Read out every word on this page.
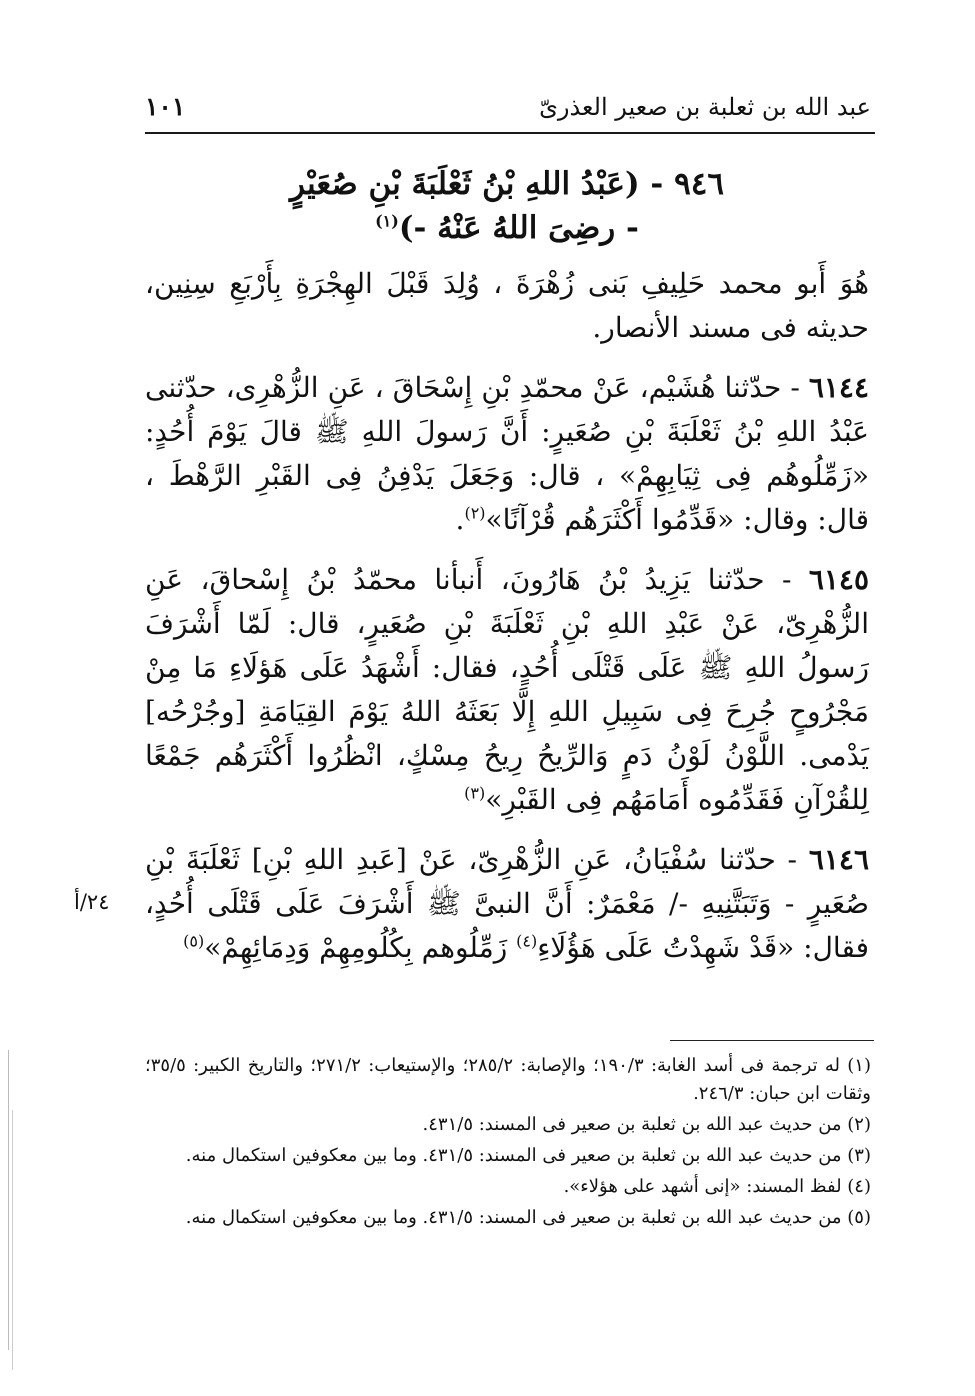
عبد الله بن ثعلبة بن صعير العذرىّ
١٠١

٩٤٦ - (عَبْدُ اللهِ بْنُ ثَعْلَبَةَ بْنِ صُعَيْرٍ

- رضِىَ اللهُ عَنْهُ -)$^{(١)}$

هُوَ أَبو محمد حَلِيفِ بَنى زُهْرَةَ ، وُلِدَ قَبْلَ الهِجْرَةِ بِأَرْبَعِ سِنِين، حديثه فى مسند الأنصار.

٦١٤٤ - حدّثنا هُشَيْم، عَنْ محمّدِ بْنِ إِسْحَاقَ ، عَنِ الزُّهْرِى، حدّثنى عَبْدُ اللهِ بْنُ ثَعْلَبَةَ بْنِ صُعَيرٍ: أَنَّ رَسولَ اللهِ ﷺ قالَ يَوْمَ أُحُدٍ: «زَمِّلُوهُم فِى ثِيَابِهِمْ» ، قال: وَجَعَلَ يَدْفِنُ فِى القَبْرِ الرَّهْطَ ، قال: وقال: «قَدِّمُوا أَكْثَرَهُم قُرْآنًا»$^{(٢)}$.

٦١٤٥ - حدّثنا يَزِيدُ بْنُ هَارُونَ، أَنبأنا محمّدُ بْنُ إِسْحاقَ، عَنِ الزُّهْرِىّ، عَنْ عَبْدِ اللهِ بْنِ ثَعْلَبَةَ بْنِ صُعَيرٍ، قال: لَمّا أَشْرَفَ رَسولُ اللهِ ﷺ عَلَى قَتْلَى أُحُدٍ، فقال: أَشْهَدُ عَلَى هَؤلَاءِ مَا مِنْ مَجْرُوحٍ جُرِحَ فِى سَبِيلِ اللهِ إِلَّا بَعَثَهُ اللهُ يَوْمَ القِيَامَةِ [وجُرْحُه] يَدْمى. اللَّوْنُ لَوْنُ دَمٍ وَالرِّيحُ رِيحُ مِسْكٍ، انْظُرُوا أَكْثَرَهُم جَمْعًا لِلقُرْآنِ فَقَدِّمُوه أَمَامَهُم فِى القَبْرِ»$^{(٣)}$

٦١٤٦ - حدّثنا سُفْيَانُ، عَنِ الزُّهْرِىّ، عَنْ [عَبدِ اللهِ بْنِ] ثَعْلَبَةَ بْنِ صُعَيرٍ - وَتَبَتَّنِيهِ -/ مَعْمَرٌ: أَنَّ النبىَّ ﷺ أَشْرَفَ عَلَى قَتْلَى أُحُدٍ، فقال: «قَدْ شَهِدْتُ عَلَى هَؤُلَاءِ$^{(٤)}$ زَمِّلُوهم بِكُلُومِهِمْ وَدِمَائِهِمْ»$^{(٥)}$

٢٤/أ
(١) له ترجمة فى أسد الغابة: ١٩٠/٣؛ والإصابة: ٢٨٥/٢؛ والإستيعاب: ٢٧١/٢؛ والتاريخ الكبير: ٣٥/٥؛ وثقات ابن حبان: ٢٤٦/٣.
(٢) من حديث عبد الله بن ثعلبة بن صعير فى المسند: ٤٣١/٥.
(٣) من حديث عبد الله بن ثعلبة بن صعير فى المسند: ٤٣١/٥. وما بين معكوفين استكمال منه.
(٤) لفظ المسند: «إنى أشهد على هؤلاء».
(٥) من حديث عبد الله بن ثعلبة بن صعير فى المسند: ٤٣١/٥. وما بين معكوفين استكمال منه.
